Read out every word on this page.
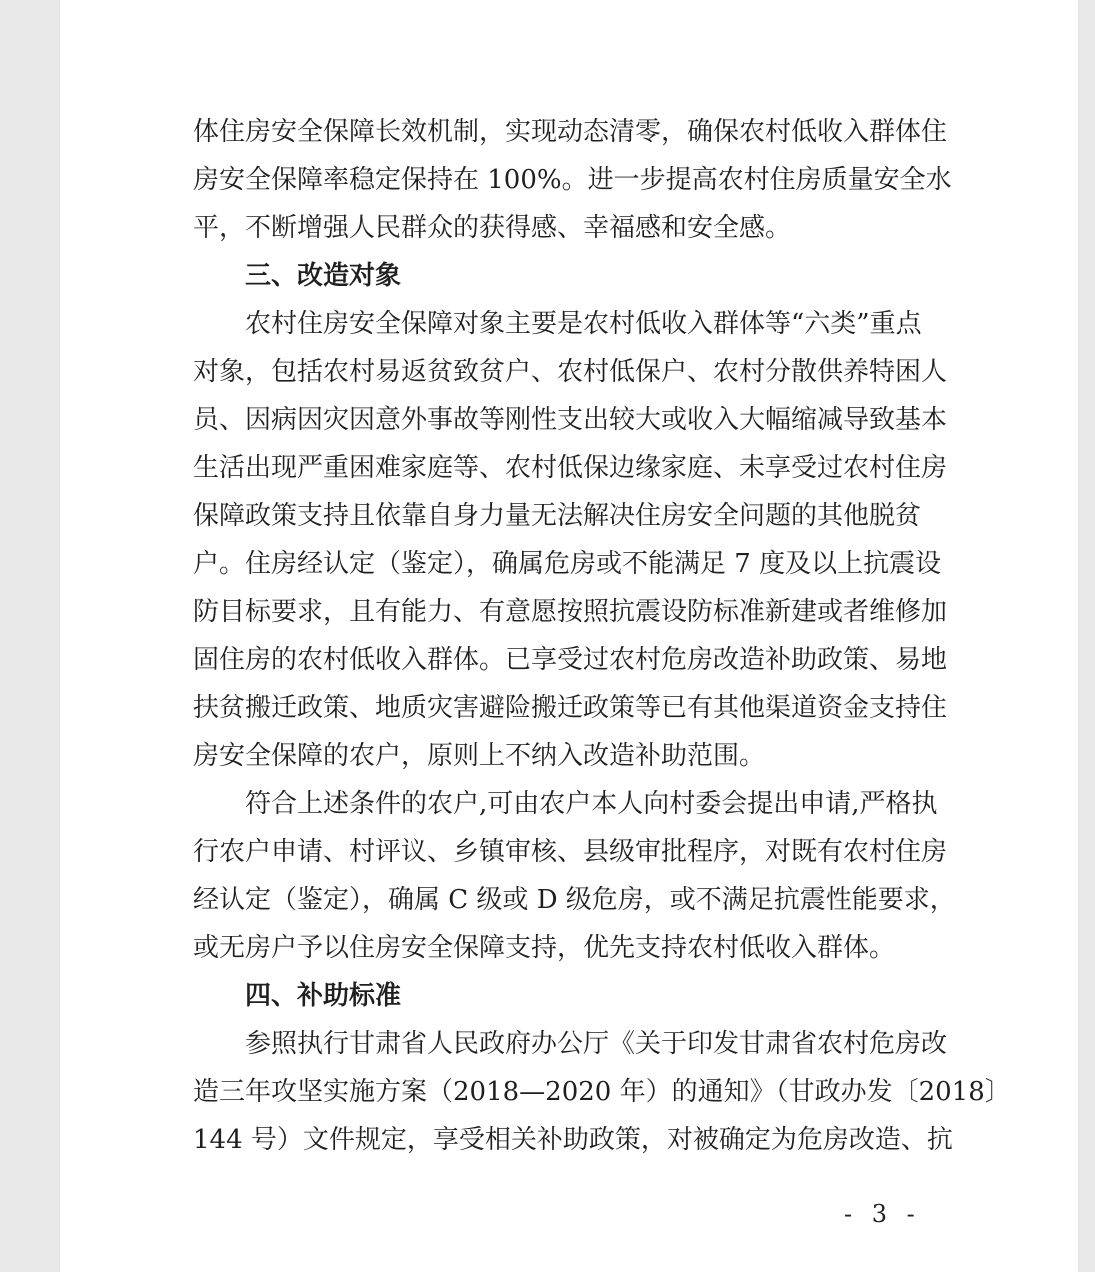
体住房安全保障长效机制，实现动态清零，确保农村低收入群体住
房安全保障率稳定保持在 100%。进一步提高农村住房质量安全水
平，不断增强人民群众的获得感、幸福感和安全感。
三、改造对象
农村住房安全保障对象主要是农村低收入群体等“六类”重点
对象，包括农村易返贫致贫户、农村低保户、农村分散供养特困人
员、因病因灾因意外事故等刚性支出较大或收入大幅缩减导致基本
生活出现严重困难家庭等、农村低保边缘家庭、未享受过农村住房
保障政策支持且依靠自身力量无法解决住房安全问题的其他脱贫
户。住房经认定（鉴定），确属危房或不能满足 7 度及以上抗震设
防目标要求，且有能力、有意愿按照抗震设防标准新建或者维修加
固住房的农村低收入群体。已享受过农村危房改造补助政策、易地
扶贫搬迁政策、地质灾害避险搬迁政策等已有其他渠道资金支持住
房安全保障的农户，原则上不纳入改造补助范围。
符合上述条件的农户,可由农户本人向村委会提出申请,严格执
行农户申请、村评议、乡镇审核、县级审批程序，对既有农村住房
经认定（鉴定），确属 C 级或 D 级危房，或不满足抗震性能要求，
或无房户予以住房安全保障支持，优先支持农村低收入群体。
四、补助标准
参照执行甘肃省人民政府办公厅《关于印发甘肃省农村危房改
造三年攻坚实施方案（2018—2020 年）的通知》（甘政办发〔2018〕
144 号）文件规定，享受相关补助政策，对被确定为危房改造、抗
- 3 -
